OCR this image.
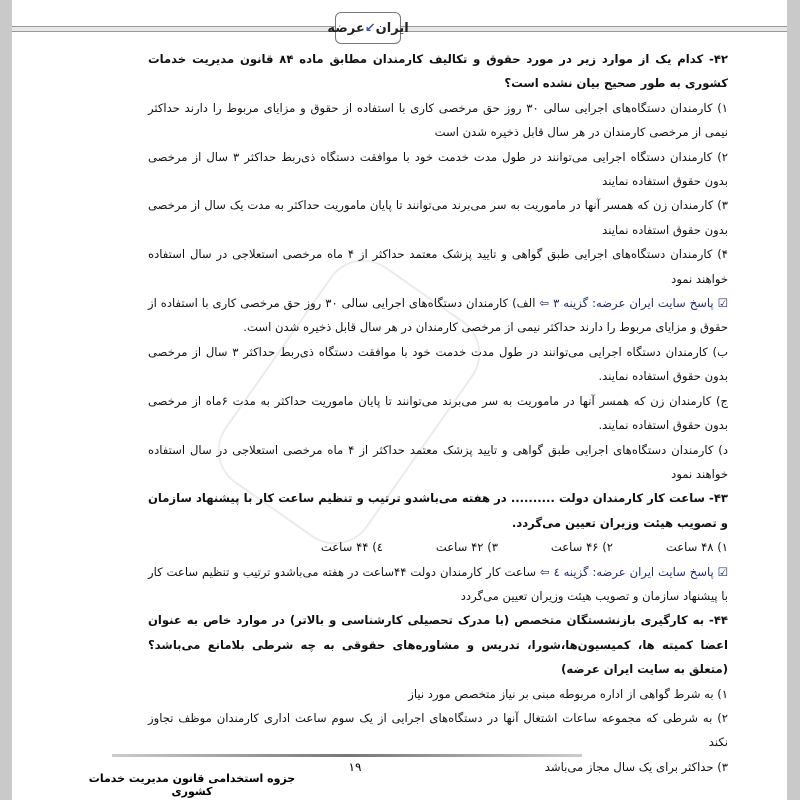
ایران
↙
عرضه

۴۲- کدام یک از موارد زیر در مورد حقوق و تکالیف کارمندان مطابق ماده ۸۴ قانون مدیریت خدمات کشوری به طور صحیح بیان نشده است؟

۱) کارمندان دستگاه‌های اجرایی سالی ۳۰ روز حق مرخصی کاری با استفاده از حقوق و مزایای مربوط را دارند حداکثر نیمی از مرخصی کارمندان در هر سال قابل ذخیره شدن است

۲) کارمندان دستگاه اجرایی می‌توانند در طول مدت خدمت خود با موافقت دستگاه ذی‌ربط حداکثر ۳ سال از مرخصی بدون حقوق استفاده نمایند

۳) کارمندان زن که همسر آنها در ماموریت به سر می‌برند می‌توانند تا پایان ماموریت حداکثر به مدت یک سال از مرخصی بدون حقوق استفاده نمایند

۴) کارمندان دستگاه‌های اجرایی طبق گواهی و تایید پزشک معتمد حداکثر از ۴ ماه مرخصی استعلاجی در سال استفاده خواهند نمود

☑ پاسخ سایت ایران عرضه: گزینه ۳ ⇦ الف) کارمندان دستگاه‌های اجرایی سالی ۳۰ روز حق مرخصی کاری با استفاده از حقوق و مزایای مربوط را دارند حداکثر نیمی از مرخصی کارمندان در هر سال قابل ذخیره شدن است.

ب) کارمندان دستگاه اجرایی می‌توانند در طول مدت خدمت خود با موافقت دستگاه ذی‌ربط حداکثر ۳ سال از مرخصی بدون حقوق استفاده نمایند.

ج) کارمندان زن که همسر آنها در ماموریت به سر می‌برند می‌توانند تا پایان ماموریت حداکثر به مدت ۶ماه از مرخصی بدون حقوق استفاده نمایند.

د) کارمندان دستگاه‌های اجرایی طبق گواهی و تایید پزشک معتمد حداکثر از ۴ ماه مرخصی استعلاجی در سال استفاده خواهند نمود

۴۳- ساعت کار کارمندان دولت .......... در هفته می‌باشدو ترتیب و تنظیم ساعت کار با پیشنهاد سازمان و تصویب هیئت وزیران تعیین می‌گردد.

۱) ۴۸ ساعت
۲) ۴۶ ساعت
۳) ۴۲ ساعت
٤) ۴۴ ساعت

☑ پاسخ سایت ایران عرضه: گزینه ٤ ⇦ ساعت کار کارمندان دولت ۴۴ساعت در هفته می‌باشدو ترتیب و تنظیم ساعت کار با پیشنهاد سازمان و تصویب هیئت وزیران تعیین می‌گردد

۴۴- به کارگیری بازنشستگان متخصص (با مدرک تحصیلی کارشناسی و بالاتر) در موارد خاص به عنوان اعضا کمیته ها، کمیسیون‌ها،شورا، تدریس و مشاوره‌های حقوقی به چه شرطی بلامانع می‌باشد؟ (متعلق به سایت ایران عرضه)

۱) به شرط گواهی از اداره مربوطه مبنی بر نیاز متخصص مورد نیاز

۲) به شرطی که مجموعه ساعات اشتغال آنها در دستگاه‌های اجرایی از یک سوم ساعت اداری کارمندان موظف تجاوز نکند

۳) حداکثر برای یک سال مجاز می‌باشد

۱۹
جزوه استخدامی قانون مدیریت خدمات کشوری
